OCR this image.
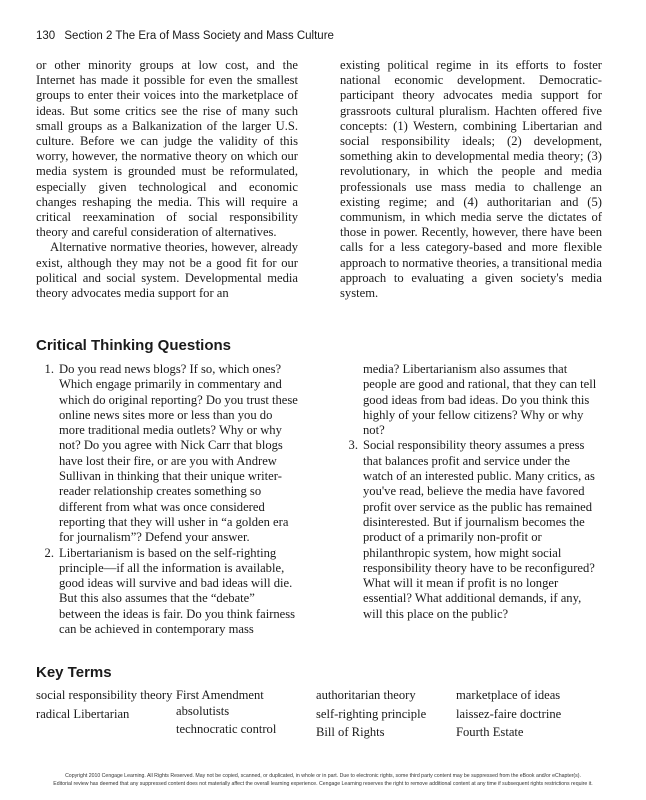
130 Section 2 The Era of Mass Society and Mass Culture

or other minority groups at low cost, and the Internet has made it possible for even the smallest groups to enter their voices into the marketplace of ideas. But some critics see the rise of many such small groups as a Balkanization of the larger U.S. culture. Before we can judge the validity of this worry, however, the normative theory on which our media system is grounded must be reformulated, especially given technological and economic changes reshaping the media. This will require a critical reexamination of social responsibility theory and careful consideration of alternatives.

Alternative normative theories, however, already exist, although they may not be a good fit for our political and social system. Developmental media theory advocates media support for an

existing political regime in its efforts to foster national economic development. Democratic-participant theory advocates media support for grassroots cultural pluralism. Hachten offered five concepts: (1) Western, combining Libertarian and social responsibility ideals; (2) development, something akin to developmental media theory; (3) revolutionary, in which the people and media professionals use mass media to challenge an existing regime; and (4) authoritarian and (5) communism, in which media serve the dictates of those in power. Recently, however, there have been calls for a less category-based and more flexible approach to normative theories, a transitional media approach to evaluating a given society's media system.

Critical Thinking Questions
1. Do you read news blogs? If so, which ones? Which engage primarily in commentary and which do original reporting? Do you trust these online news sites more or less than you do more traditional media outlets? Why or why not? Do you agree with Nick Carr that blogs have lost their fire, or are you with Andrew Sullivan in thinking that their unique writer-reader relationship creates something so different from what was once considered reporting that they will usher in “a golden era for journalism”? Defend your answer.
2. Libertarianism is based on the self-righting principle—if all the information is available, good ideas will survive and bad ideas will die. But this also assumes that the “debate” between the ideas is fair. Do you think fairness can be achieved in contemporary mass
media? Libertarianism also assumes that people are good and rational, that they can tell good ideas from bad ideas. Do you think this highly of your fellow citizens? Why or why not?
3. Social responsibility theory assumes a press that balances profit and service under the watch of an interested public. Many critics, as you've read, believe the media have favored profit over service as the public has remained disinterested. But if journalism becomes the product of a primarily non-profit or philanthropic system, how might social responsibility theory have to be reconfigured? What will it mean if profit is no longer essential? What additional demands, if any, will this place on the public?
Key Terms
social responsibility theory
radical Libertarian
First Amendment absolutists
technocratic control
authoritarian theory
self-righting principle
Bill of Rights
marketplace of ideas
laissez-faire doctrine
Fourth Estate
Copyright 2010 Cengage Learning. All Rights Reserved. May not be copied, scanned, or duplicated, in whole or in part. Due to electronic rights, some third party content may be suppressed from the eBook and/or eChapter(s).
Editorial review has deemed that any suppressed content does not materially affect the overall learning experience. Cengage Learning reserves the right to remove additional content at any time if subsequent rights restrictions require it.
